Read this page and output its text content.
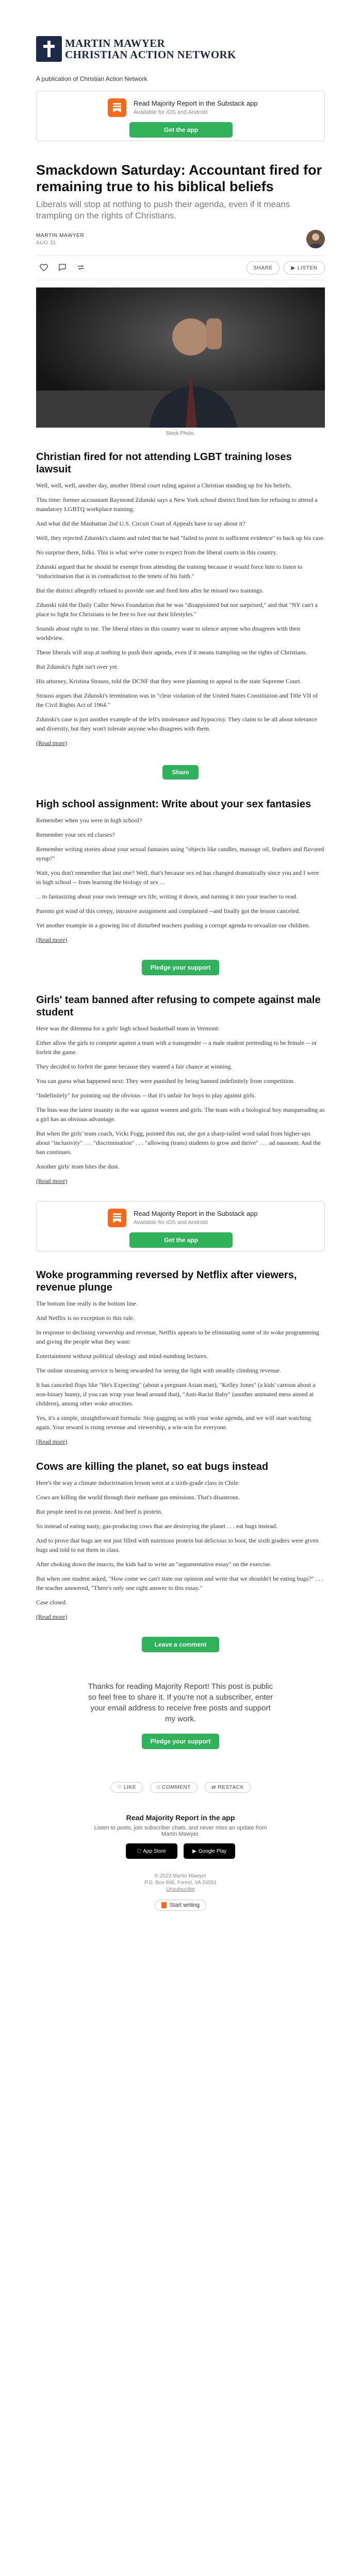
MARTIN MAWYER
CHRISTIAN ACTION NETWORK
A publication of Christian Action Network
Read Majority Report in the Substack app
Available for iOS and Android
Get the app
Smackdown Saturday: Accountant fired for remaining true to his biblical beliefs
Liberals will stop at nothing to push their agenda, even if it means trampling on the rights of Christians.
MARTIN MAWYER
AUG 31
SHARE	▶ LISTEN
Stock Photo.
Christian fired for not attending LGBT training loses lawsuit

Well, well, well, another day, another liberal court ruling against a Christian standing up for his beliefs.

This time: former accountant Raymond Zdunski says a New York school district fired him for refusing to attend a mandatory LGBTQ workplace training.

And what did the Manhattan 2nd U.S. Circuit Court of Appeals have to say about it?

Well, they rejected Zdunski's claims and ruled that he had "failed to point to sufficient evidence" to back up his case.

No surprise there, folks. This is what we've come to expect from the liberal courts in this country.

Zdunski argued that he should be exempt from attending the training because it would force him to listen to "indoctrination that is in contradiction to the tenets of his faith."

But the district allegedly refused to provide one and fired him after he missed two trainings.

Zdunski told the Daily Caller News Foundation that he was "disappointed but not surprised," and that "NY can't a place to fight for Christians to be free to live out their lifestyles."

Sounds about right to me. The liberal elites in this country want to silence anyone who disagrees with their worldview.

These liberals will stop at nothing to push their agenda, even if it means trampling on the rights of Christians.

But Zdunski's fight isn't over yet.

His attorney, Kristina Strauss, told the DCNF that they were planning to appeal to the state Supreme Court.

Strauss argues that Zdunski's termination was in "clear violation of the United States Constitution and Title VII of the Civil Rights Act of 1964."

Zdunski's case is just another example of the left's intolerance and hypocrisy. They claim to be all about tolerance and diversity, but they won't tolerate anyone who disagrees with them.

(Read more)

Share
High school assignment: Write about your sex fantasies

Remember when you were in high school?

Remember your sex ed classes?

Remember writing stories about your sexual fantasies using "objects like candles, massage oil, feathers and flavored syrup?"

Wait, you don't remember that last one? Well, that's because sex ed has changed dramatically since you and I were in high school -- from learning the biology of sex ...

... to fantasizing about your own teenage sex life, writing it down, and turning it into your teacher to read.

Parents got wind of this creepy, intrusive assignment and complained --and finally got the lesson canceled.

Yet another example in a growing list of disturbed teachers pushing a corrupt agenda to sexualize our children.

(Read more)

Pledge your support
Girls' team banned after refusing to compete against male student

Here was the dilemma for a girls' high school basketball team in Vermont:

Either allow the girls to compete against a team with a transgender -- a male student pretending to be female -- or forfeit the game.

They decided to forfeit the game because they wanted a fair chance at winning.

You can guess what happened next: They were punished by being banned indefinitely from competition.

"Indefinitely" for pointing out the obvious -- that it's unfair for boys to play against girls.

The bias was the latest insanity in the war against women and girls. The team with a biological boy masquerading as a girl has an obvious advantage.

But when the girls' team coach, Vicki Fogg, pointed this out, she got a sharp-tailed word salad from higher-ups about "inclusivity" . . . "discrimination" . . . "allowing (trans) students to grow and thrive" . . . ad nauseam. And the ban continues.

Another girls' team bites the dust.

(Read more)

Read Majority Report in the Substack app
Available for iOS and Android
Get the app
Woke programming reversed by Netflix after viewers, revenue plunge

The bottom line really is the bottom line.

And Netflix is no exception to this rule.

In response to declining viewership and revenue, Netflix appears to be eliminating some of its woke programming and giving the people what they want:

Entertainment without political ideology and mind-numbing lectures.

The online streaming service is being rewarded for seeing the light with steadily climbing revenue.

It has canceled flops like "He's Expecting" (about a pregnant Asian man), "Kelley Jones" (a kids' cartoon about a non-binary bunny, if you can wrap your head around that), "Anti-Racist Baby" (another animated mess aimed at children), among other woke atrocities.

Yes, it's a simple, straightforward formula: Stop gagging us with your woke agenda, and we will start watching again. Your reward is rising revenue and viewership, a win-win for everyone.

(Read more)

Cows are killing the planet, so eat bugs instead

Here's the way a climate indoctrination lesson went at a sixth-grade class in Chile:

Cows are killing the world through their methane gas emissions. That's disastrous.

But people need to eat protein. And beef is protein.

So instead of eating nasty, gas-producing cows that are destroying the planet . . . eat bugs instead.

And to prove that bugs are not just filled with nutritious protein but delicious to boot, the sixth graders were given bugs and told to eat them in class.

After choking down the insects, the kids had to write an "argumentative essay" on the exercise.

But when one student asked, "How come we can't state our opinion and write that we shouldn't be eating bugs?" . . . the teacher answered, "There's only one right answer to this essay."

Case closed.

(Read more)

Leave a comment
Thanks for reading Majority Report! This post is public so feel free to share it. If you're not a subscriber, enter your email address to receive free posts and support my work.
Pledge your support
♡ LIKE	□ COMMENT	⇄ RESTACK
Read Majority Report in the app
Listen to posts, join subscriber chats, and never miss an update from Martin Mawyer.
App Store
	▶ Google Play
© 2023 Martin Mawyer
P.O. Box 606, Forest, VA 24551
Unsubscribe
Start writing
